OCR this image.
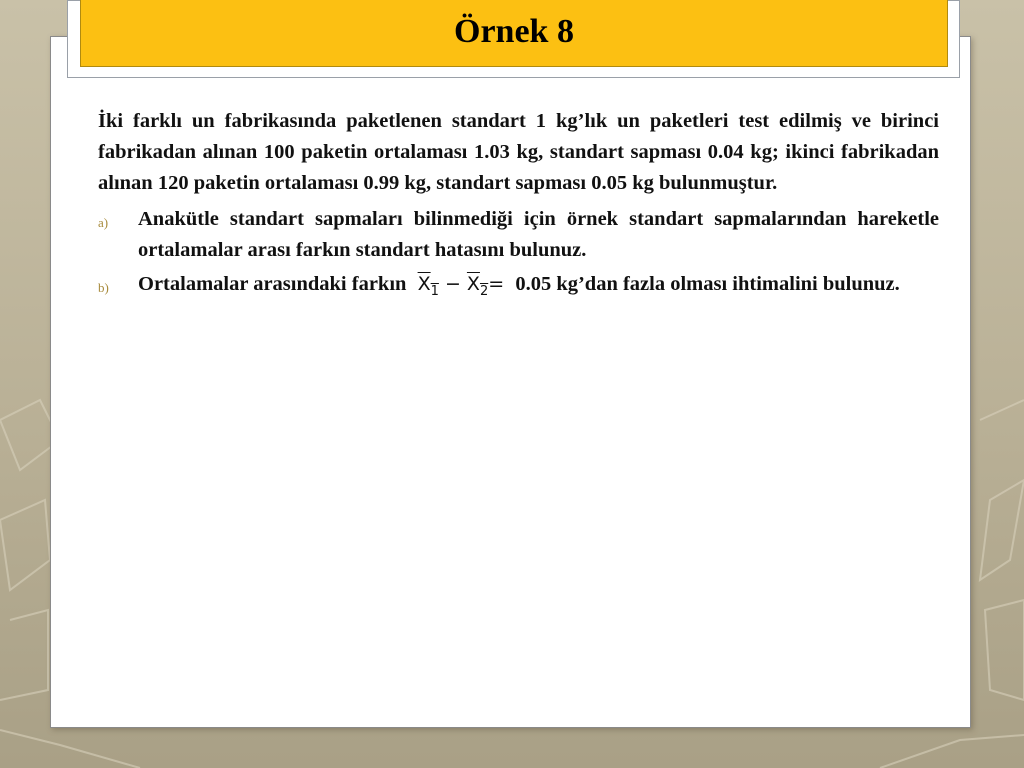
Örnek 8

İki farklı un fabrikasında paketlenen standart 1 kg’lık un paketleri test edilmiş ve birinci fabrikadan alınan 100 paketin ortalaması 1.03 kg, standart sapması 0.04 kg; ikinci fabrikadan alınan 120 paketin ortalaması 0.99 kg, standart sapması 0.05 kg bulunmuştur.

a) Anakütle standart sapmaları bilinmediği için örnek standart sapmalarından hareketle ortalamalar arası farkın standart hatasını bulunuz.
b) Ortalamalar arasındaki farkın $X_1 - X_2= 0.05$ kg’dan fazla olması ihtimalini bulunuz.
